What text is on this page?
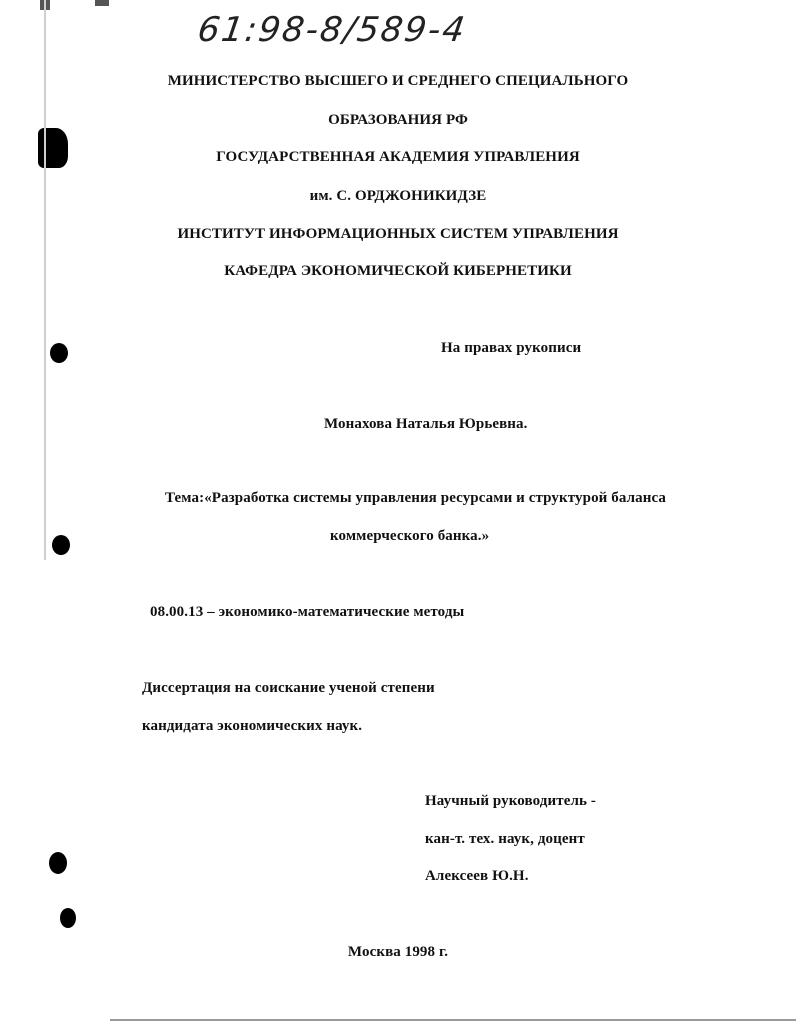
61:98-8/589-4
МИНИСТЕРСТВО ВЫСШЕГО И СРЕДНЕГО СПЕЦИАЛЬНОГО
ОБРАЗОВАНИЯ РФ
ГОСУДАРСТВЕННАЯ АКАДЕМИЯ УПРАВЛЕНИЯ
им. С. ОРДЖОНИКИДЗЕ
ИНСТИТУТ ИНФОРМАЦИОННЫХ СИСТЕМ УПРАВЛЕНИЯ
КАФЕДРА ЭКОНОМИЧЕСКОЙ КИБЕРНЕТИКИ
На правах рукописи
Монахова Наталья Юрьевна.
Тема:«Разработка системы управления ресурсами и структурой баланса
коммерческого банка.»
08.00.13 – экономико-математические методы
Диссертация на соискание ученой степени
кандидата экономических наук.
Научный руководитель -
кан-т. тех. наук, доцент
Алексеев Ю.Н.
Москва 1998 г.
